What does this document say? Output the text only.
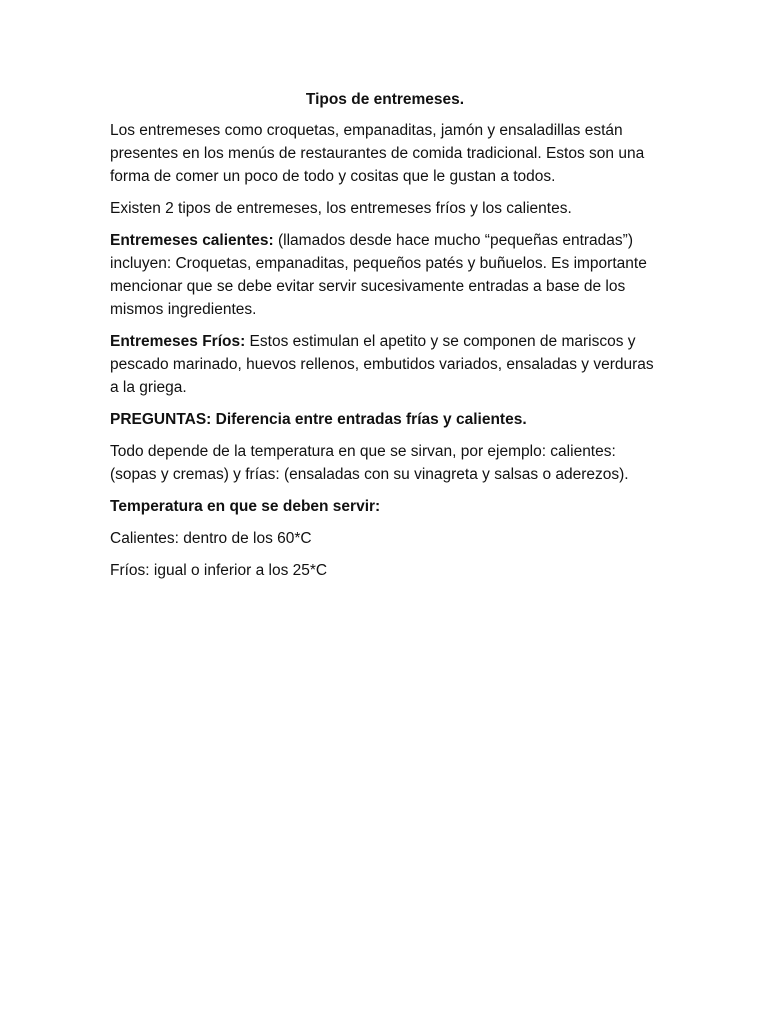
Tipos de entremeses.

Los entremeses como croquetas, empanaditas, jamón y ensaladillas están presentes en los menús de restaurantes de comida tradicional. Estos son una forma de comer un poco de todo y cositas que le gustan a todos.

Existen 2 tipos de entremeses, los entremeses fríos y los calientes.

Entremeses calientes: (llamados desde hace mucho “pequeñas entradas”) incluyen: Croquetas, empanaditas, pequeños patés y buñuelos. Es importante mencionar que se debe evitar servir sucesivamente entradas a base de los mismos ingredientes.

Entremeses Fríos: Estos estimulan el apetito y se componen de mariscos y pescado marinado, huevos rellenos, embutidos variados, ensaladas y verduras a la griega.

PREGUNTAS: Diferencia entre entradas frías y calientes.

Todo depende de la temperatura en que se sirvan, por ejemplo: calientes: (sopas y cremas) y frías: (ensaladas con su vinagreta y salsas o aderezos).

Temperatura en que se deben servir:

Calientes: dentro de los 60*C

Fríos: igual o inferior a los 25*C
